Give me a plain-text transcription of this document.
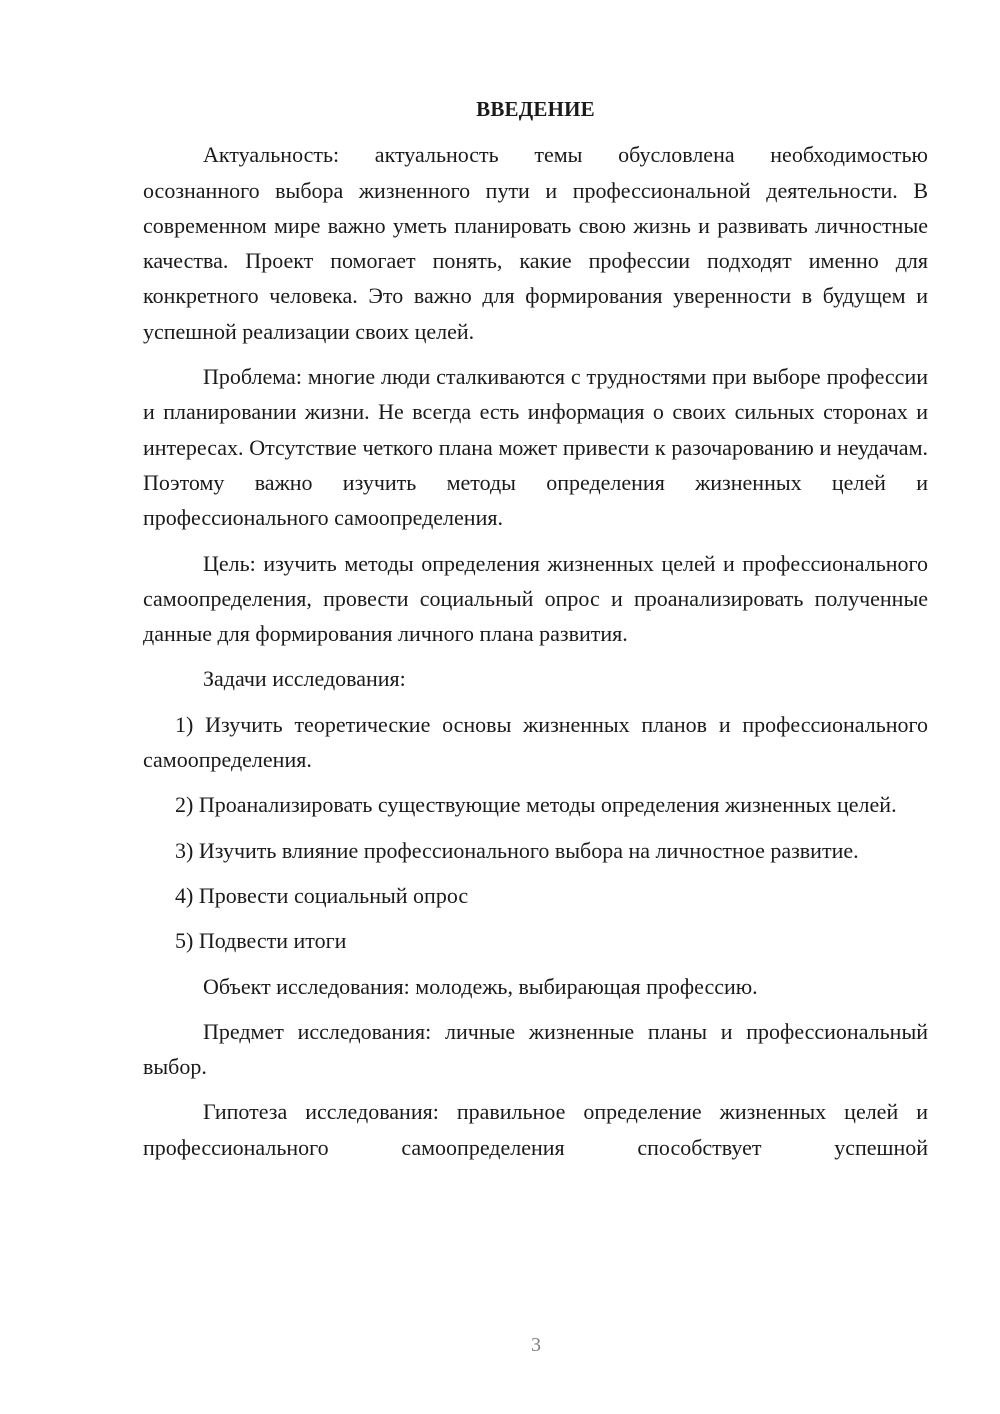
ВВЕДЕНИЕ

Актуальность: актуальность темы обусловлена необходимостью осознанного выбора жизненного пути и профессиональной деятельности. В современном мире важно уметь планировать свою жизнь и развивать личностные качества. Проект помогает понять, какие профессии подходят именно для конкретного человека. Это важно для формирования уверенности в будущем и успешной реализации своих целей.

Проблема: многие люди сталкиваются с трудностями при выборе профессии и планировании жизни. Не всегда есть информация о своих сильных сторонах и интересах. Отсутствие четкого плана может привести к разочарованию и неудачам. Поэтому важно изучить методы определения жизненных целей и профессионального самоопределения.

Цель: изучить методы определения жизненных целей и профессионального самоопределения, провести социальный опрос и проанализировать полученные данные для формирования личного плана развития.

Задачи исследования:

1) Изучить теоретические основы жизненных планов и профессионального самоопределения.

2) Проанализировать существующие методы определения жизненных целей.

3) Изучить влияние профессионального выбора на личностное развитие.

4) Провести социальный опрос

5) Подвести итоги

Объект исследования: молодежь, выбирающая профессию.

Предмет исследования: личные жизненные планы и профессиональный выбор.

Гипотеза исследования: правильное определение жизненных целей и профессионального самоопределения способствует успешной

3
